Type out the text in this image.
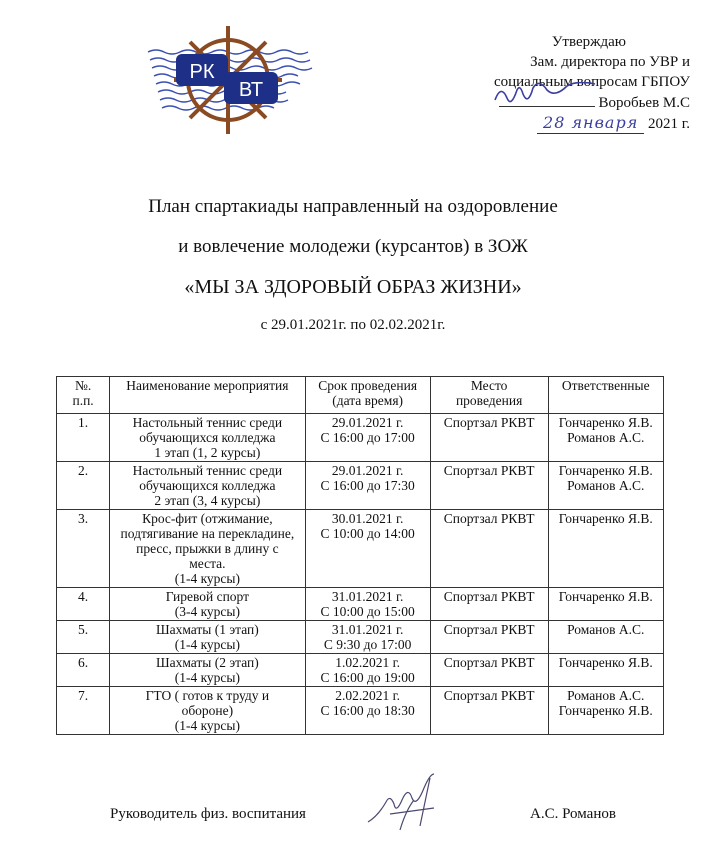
РК
ВТ
Утверждаю
Зам. директора по УВР и
социальным вопросам ГБПОУ
Воробьев М.С
28 января 2021 г.
План спартакиады направленный на оздоровление
и вовлечение молодежи (курсантов) в ЗОЖ
«МЫ ЗА ЗДОРОВЫЙ ОБРАЗ ЖИЗНИ»
с 29.01.2021г. по 02.02.2021г.
№.
п.п.	Наименование мероприятия	Срок проведения
(дата время)	Место
проведения	Ответственные
1.	Настольный теннис среди
обучающихся колледжа
1 этап (1, 2 курсы)	29.01.2021 г.
С 16:00 до 17:00	Спортзал РКВТ	Гончаренко Я.В.
Романов А.С.
2.	Настольный теннис среди
обучающихся колледжа
2 этап (3, 4 курсы)	29.01.2021 г.
С 16:00 до 17:30	Спортзал РКВТ	Гончаренко Я.В.
Романов А.С.
3.	Крос-фит (отжимание,
подтягивание на перекладине,
пресс, прыжки в длину с
места.
(1-4 курсы)	30.01.2021 г.
С 10:00 до 14:00	Спортзал РКВТ	Гончаренко Я.В.
4.	Гиревой спорт
(3-4 курсы)	31.01.2021 г.
С 10:00 до 15:00	Спортзал РКВТ	Гончаренко Я.В.
5.	Шахматы (1 этап)
(1-4 курсы)	31.01.2021 г.
С 9:30 до 17:00	Спортзал РКВТ	Романов А.С.
6.	Шахматы (2 этап)
(1-4 курсы)	1.02.2021 г.
С 16:00 до 19:00	Спортзал РКВТ	Гончаренко Я.В.
7.	ГТО ( готов к труду и
обороне)
(1-4 курсы)	2.02.2021 г.
С 16:00 до 18:30	Спортзал РКВТ	Романов А.С.
Гончаренко Я.В.
Руководитель физ. воспитания	А.С. Романов
